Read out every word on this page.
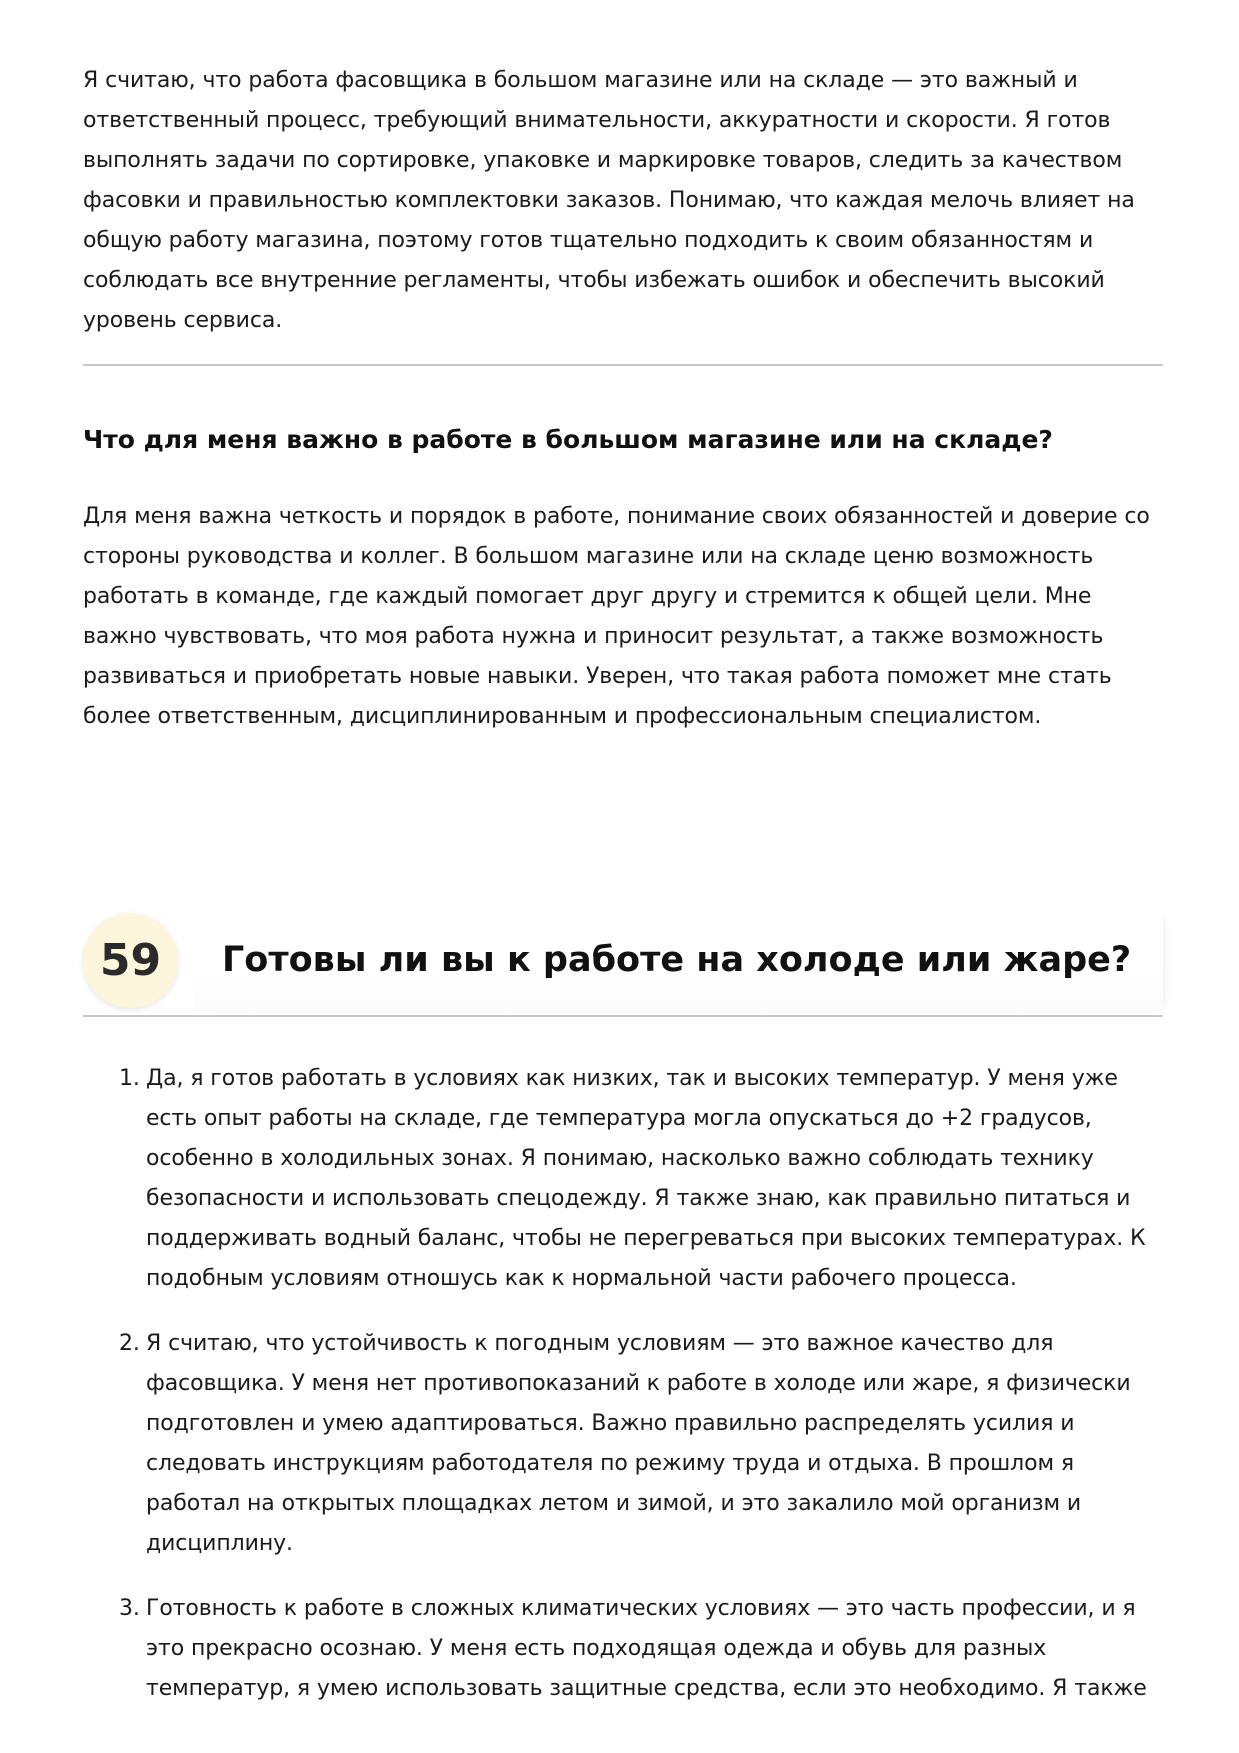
Я считаю, что работа фасовщика в большом магазине или на складе — это важный и ответственный процесс, требующий внимательности, аккуратности и скорости. Я готов выполнять задачи по сортировке, упаковке и маркировке товаров, следить за качеством фасовки и правильностью комплектовки заказов. Понимаю, что каждая мелочь влияет на общую работу магазина, поэтому готов тщательно подходить к своим обязанностям и соблюдать все внутренние регламенты, чтобы избежать ошибок и обеспечить высокий уровень сервиса.

Что для меня важно в работе в большом магазине или на складе?

Для меня важна четкость и порядок в работе, понимание своих обязанностей и доверие со стороны руководства и коллег. В большом магазине или на складе ценю возможность работать в команде, где каждый помогает друг другу и стремится к общей цели. Мне важно чувствовать, что моя работа нужна и приносит результат, а также возможность развиваться и приобретать новые навыки. Уверен, что такая работа поможет мне стать более ответственным, дисциплинированным и профессиональным специалистом.

59	Готовы ли вы к работе на холоде или жаре?
1. Да, я готов работать в условиях как низких, так и высоких температур. У меня уже есть опыт работы на складе, где температура могла опускаться до +2 градусов, особенно в холодильных зонах. Я понимаю, насколько важно соблюдать технику безопасности и использовать спецодежду. Я также знаю, как правильно питаться и поддерживать водный баланс, чтобы не перегреваться при высоких температурах. К подобным условиям отношусь как к нормальной части рабочего процесса.
2. Я считаю, что устойчивость к погодным условиям — это важное качество для фасовщика. У меня нет противопоказаний к работе в холоде или жаре, я физически подготовлен и умею адаптироваться. Важно правильно распределять усилия и следовать инструкциям работодателя по режиму труда и отдыха. В прошлом я работал на открытых площадках летом и зимой, и это закалило мой организм и дисциплину.
3. Готовность к работе в сложных климатических условиях — это часть профессии, и я это прекрасно осознаю. У меня есть подходящая одежда и обувь для разных температур, я умею использовать защитные средства, если это необходимо. Я также
